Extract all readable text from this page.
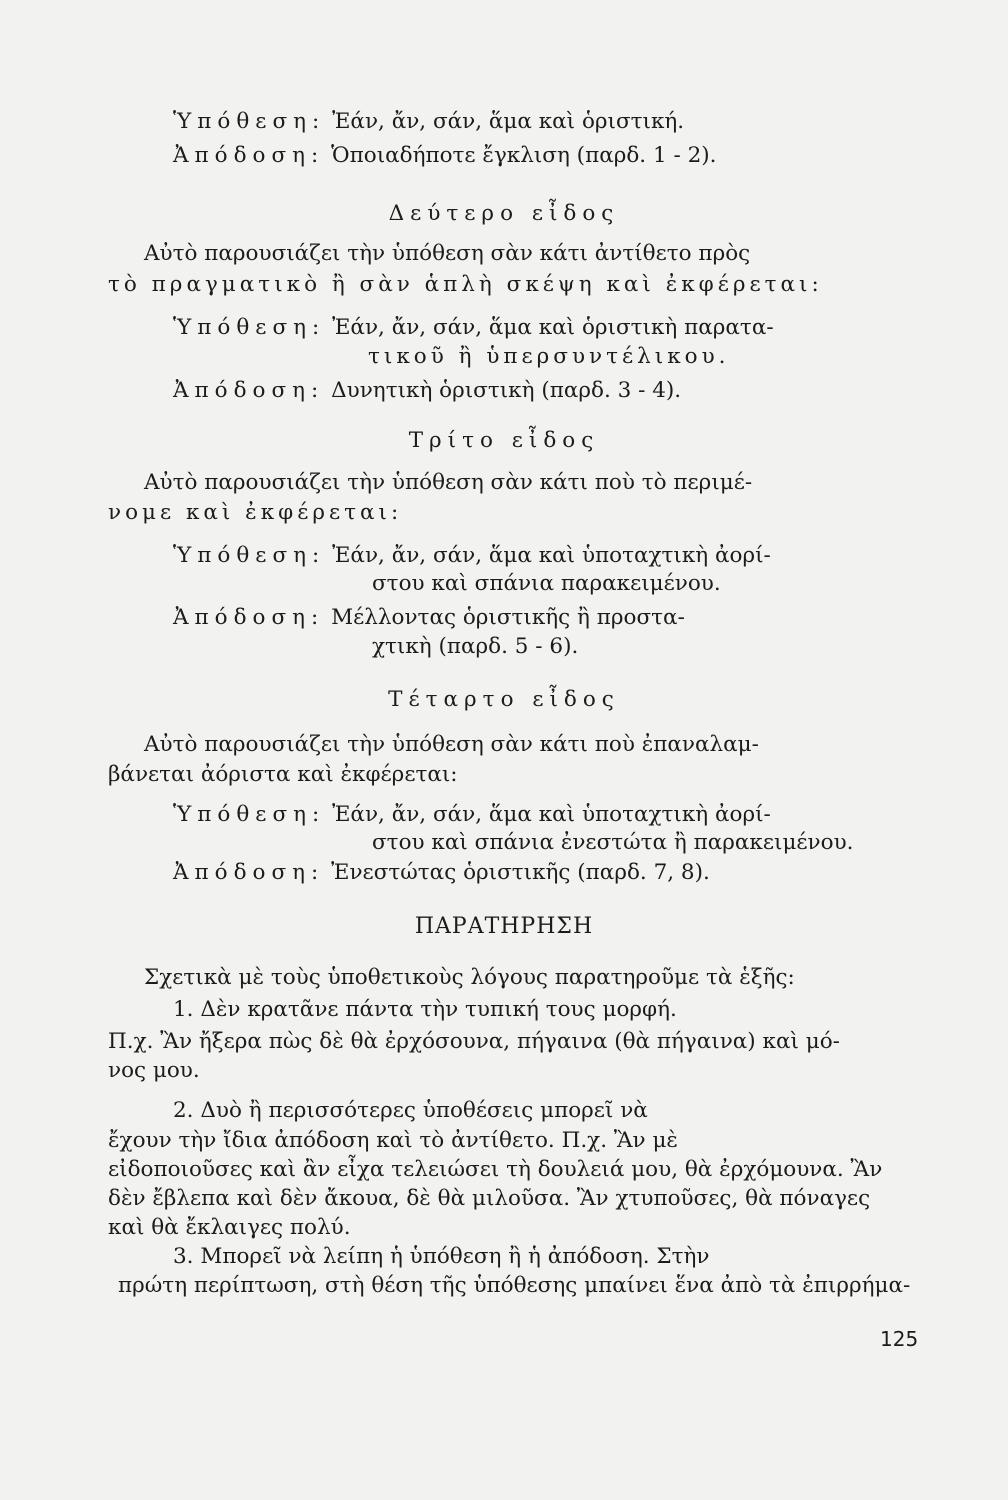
Ὑπόθεση: Ἐάν, ἄν, σάν, ἅμα καὶ ὁριστική.
Ἀπόδοση: Ὁποιαδήποτε ἔγκλιση (παρδ. 1 - 2).
Δεύτερο εἶδος
Αὐτὸ παρουσιάζει τὴν ὑπόθεση σὰν κάτι ἀντίθετο πρὸς
τὸ πραγματικὸ ἢ σὰν ἁπλὴ σκέψη καὶ ἐκφέρεται:
Ὑπόθεση: Ἐάν, ἄν, σάν, ἅμα καὶ ὁριστικὴ παρατα-
τικοῦ ἢ ὑπερσυντέλικου.
Ἀπόδοση: Δυνητικὴ ὁριστικὴ (παρδ. 3 - 4).
Τρίτο εἶδος
Αὐτὸ παρουσιάζει τὴν ὑπόθεση σὰν κάτι ποὺ τὸ περιμέ-
νομε καὶ ἐκφέρεται:
Ὑπόθεση: Ἐάν, ἄν, σάν, ἅμα καὶ ὑποταχτικὴ ἀορί-
στου καὶ σπάνια παρακειμένου.
Ἀπόδοση: Μέλλοντας ὁριστικῆς ἢ προστα-
χτικὴ (παρδ. 5 - 6).
Τέταρτο εἶδος
Αὐτὸ παρουσιάζει τὴν ὑπόθεση σὰν κάτι ποὺ ἐπαναλαμ-
βάνεται ἀόριστα καὶ ἐκφέρεται:
Ὑπόθεση: Ἐάν, ἄν, σάν, ἅμα καὶ ὑποταχτικὴ ἀορί-
στου καὶ σπάνια ἐνεστώτα ἢ παρακειμένου.
Ἀπόδοση: Ἐνεστώτας ὁριστικῆς (παρδ. 7, 8).
ΠΑΡΑΤΗΡΗΣΗ
Σχετικὰ μὲ τοὺς ὑποθετικοὺς λόγους παρατηροῦμε τὰ ἑξῆς:
1. Δὲν κρατᾶνε πάντα τὴν τυπική τους μορφή.
Π.χ. Ἂν ἤξερα πὼς δὲ θὰ ἐρχόσουνα, πήγαινα (θὰ πήγαινα) καὶ μό-
νος μου.
2. Δυὸ ἢ περισσότερες ὑποθέσεις μπορεῖ νὰ
ἔχουν τὴν ἴδια ἀπόδοση καὶ τὸ ἀντίθετο. Π.χ. Ἂν μὲ
εἰδοποιοῦσες καὶ ἂν εἶχα τελειώσει τὴ δουλειά μου, θὰ ἐρχόμουνα. Ἂν
δὲν ἔβλεπα καὶ δὲν ἄκουα, δὲ θὰ μιλοῦσα. Ἂν χτυποῦσες, θὰ πόναγες
καὶ θὰ ἔκλαιγες πολύ.
3. Μπορεῖ νὰ λείπη ἡ ὑπόθεση ἢ ἡ ἀπόδοση. Στὴν
πρώτη περίπτωση, στὴ θέση τῆς ὑπόθεσης μπαίνει ἕνα ἀπὸ τὰ ἐπιρρήμα-
125
